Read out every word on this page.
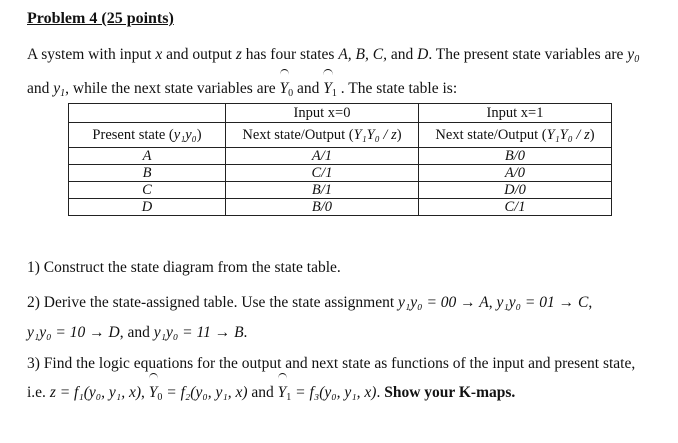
Problem 4 (25 points)
A system with input x and output z has four states A, B, C, and D. The present state variables are $y_0$ and $y_1$, while the next state variables are $Y_0$ and $Y_1$ . The state table is:
	Input x=0	Input x=1
Present state (y₁y₀)	Next state/Output (Y₁Y₀ / z)	Next state/Output (Y₁Y₀ / z)
A	A/1	B/0
B	C/1	A/0
C	B/1	D/0
D	B/0	C/1
1) Construct the state diagram from the state table.
2) Derive the state-assigned table. Use the state assignment y₁y₀ = 00 → A, y₁y₀ = 01 → C,
y₁y₀ = 10 → D, and y₁y₀ = 11 → B.
3) Find the logic equations for the output and next state as functions of the input and present state, i.e. z = f₁(y₀, y₁, x), $Y_0 = f_2(y_0$, y₁, x) and $Y_1 = f_3(y_0$, y₁, x). Show your K-maps.
